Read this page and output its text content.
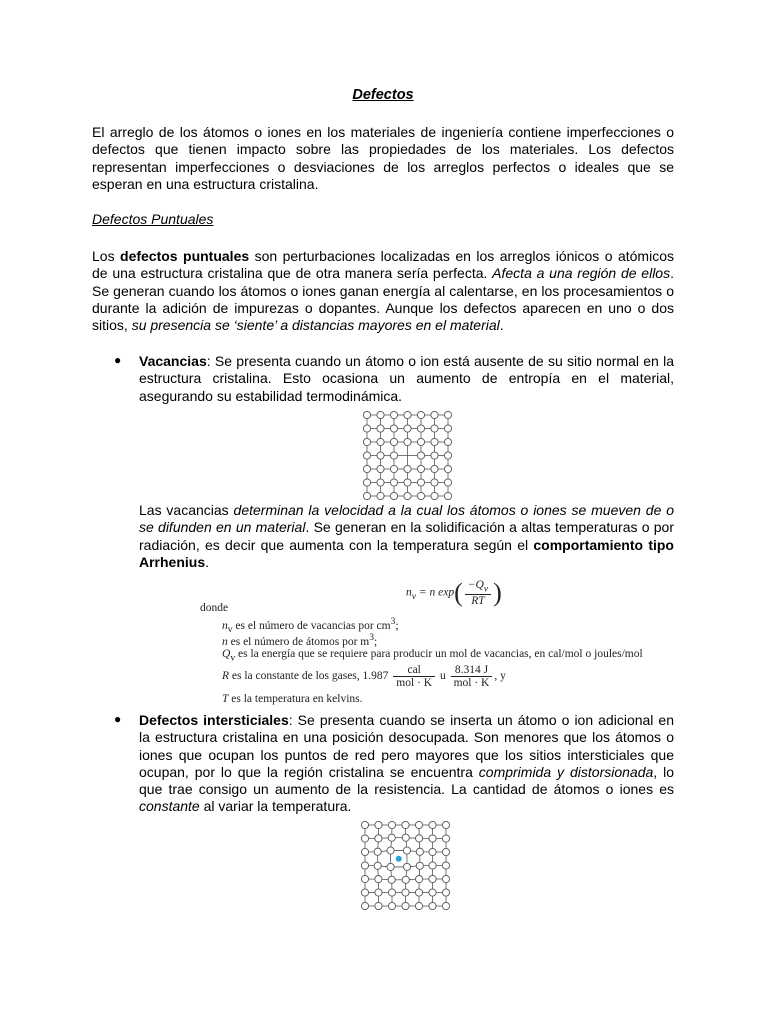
Defectos

El arreglo de los átomos o iones en los materiales de ingeniería contiene imperfecciones o defectos que tienen impacto sobre las propiedades de los materiales. Los defectos representan imperfecciones o desviaciones de los arreglos perfectos o ideales que se esperan en una estructura cristalina.

Defectos Puntuales

Los defectos puntuales son perturbaciones localizadas en los arreglos iónicos o atómicos de una estructura cristalina que de otra manera sería perfecta. Afecta a una región de ellos. Se generan cuando los átomos o iones ganan energía al calentarse, en los procesamientos o durante la adición de impurezas o dopantes. Aunque los defectos aparecen en uno o dos sitios, su presencia se ‘siente’ a distancias mayores en el material.

● Vacancias: Se presenta cuando un átomo o ion está ausente de su sitio normal en la estructura cristalina. Esto ocasiona un aumento de entropía en el material, asegurando su estabilidad termodinámica.

Las vacancias determinan la velocidad a la cual los átomos o iones se mueven de o se difunden en un material. Se generan en la solidificación a altas temperaturas o por radiación, es decir que aumenta con la temperatura según el comportamiento tipo Arrhenius.

$n_v = n$ $\exp( \frac{-Q_v}{RT}$ )
donde
$n_v$ es el número de vacancias por $cm^3$;
n es el número de átomos por $m^3$;
$Q_v$ es la energía que se requiere para producir un mol de vacancias, en cal/mol o joules/mol
R es la constante de los gases, $1.987 \frac{\text{cal}}{\text{mol · K}}$ u $\frac{8.314 J}{\text{mol · K}}$ , y
T es la temperatura en kelvins.
● Defectos intersticiales: Se presenta cuando se inserta un átomo o ion adicional en la estructura cristalina en una posición desocupada. Son menores que los átomos o iones que ocupan los puntos de red pero mayores que los sitios intersticiales que ocupan, por lo que la región cristalina se encuentra comprimida y distorsionada, lo que trae consigo un aumento de la resistencia. La cantidad de átomos o iones es constante al variar la temperatura.
